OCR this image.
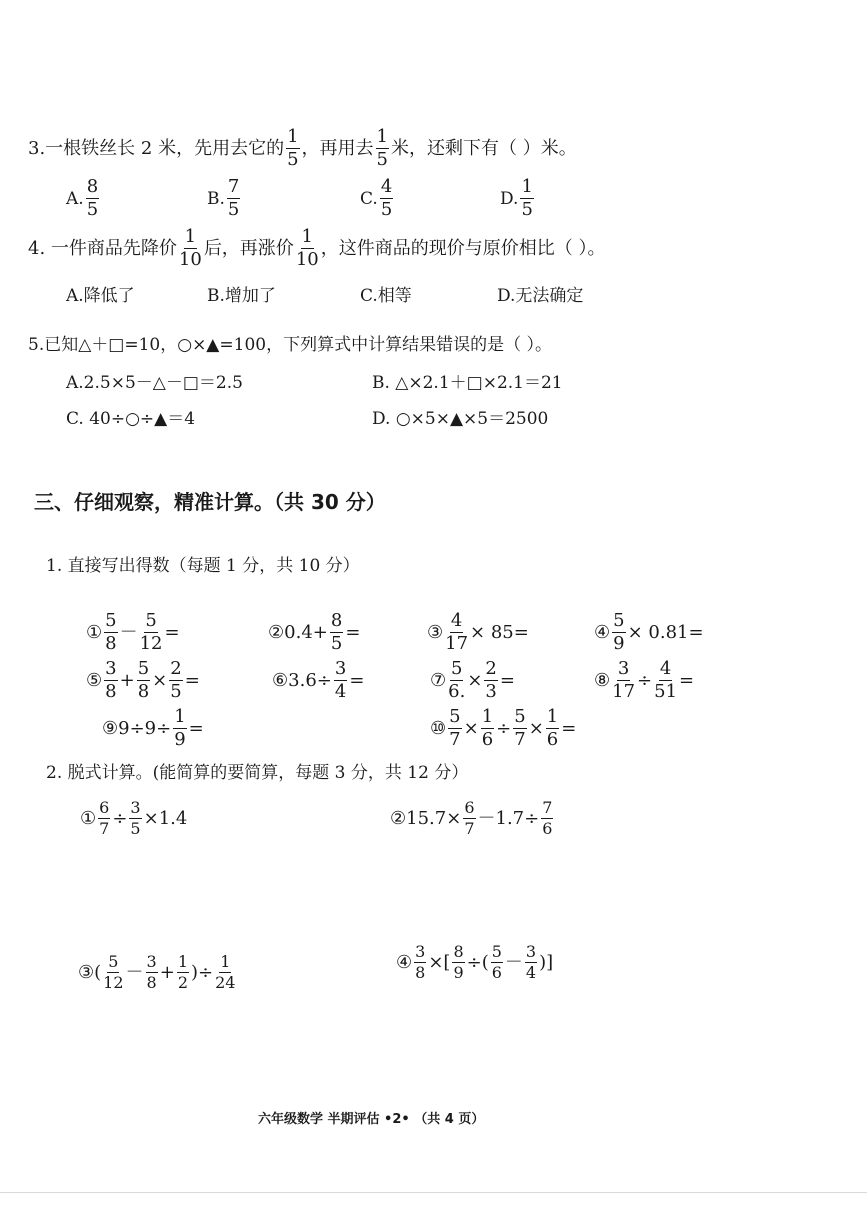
3.一根铁丝长 2 米，先用去它的 $\frac{1}{5}$ ，再用去 $\frac{1}{5}$ 米，还剩下有（ ）米。
A. $\frac{8}{5}$	B. $\frac{7}{5}$	C. $\frac{4}{5}$	D. $\frac{1}{5}$
4. 一件商品先降价 $\frac{1}{10}$ 后，再涨价 $\frac{1}{10}$ ，这件商品的现价与原价相比（ ）。
A.降低了	B.增加了	C.相等	D.无法确定
5.已知△＋□=10，○×▲=100，下列算式中计算结果错误的是（ ）。
A.2.5×5－△－□＝2.5	B. △×2.1＋□×2.1＝21
C. 40÷○÷▲＝4	D. ○×5×▲×5＝2500
三、仔细观察，精准计算。（共 30 分）
1. 直接写出得数（每题 1 分，共 10 分）
① $\frac{5}{8} - \frac{5}{12}$ =	② $0.4+ \frac{8}{5}$ =	③ $\frac{4}{17} \times 85=$	④ $\frac{5}{9} \times 0.81=$
⑤ $\frac{3}{8} + \frac{5}{8} \times \frac{2}{5}$ =	⑥ $3.6\div \frac{3}{4}$ =	⑦ $\frac{5}{6.} \times \frac{2}{3}$ =	⑧ $\frac{3}{17} \div \frac{4}{51}$ =
⑨ $9\div 9\div \frac{1}{9}$ =	⑩ $\frac{5}{7} \times \frac{1}{6} \div \frac{5}{7} \times \frac{1}{6}$ =
2. 脱式计算。(能简算的要简算，每题 3 分，共 12 分）
① $\frac{6}{7} \div \frac{3}{5} \times 1.4$	② $15.7\times \frac{6}{7} -1.7\div \frac{7}{6}$
③ ( $\frac{5}{12} - \frac{3}{8} + \frac{1}{2}$ )÷ $\frac{1}{24}$	④ $\frac{3}{8}$ ×[ $\frac{8}{9}$ ÷( $\frac{5}{6} - \frac{3}{4}$ )]
六年级数学 半期评估 •2• （共 4 页）
